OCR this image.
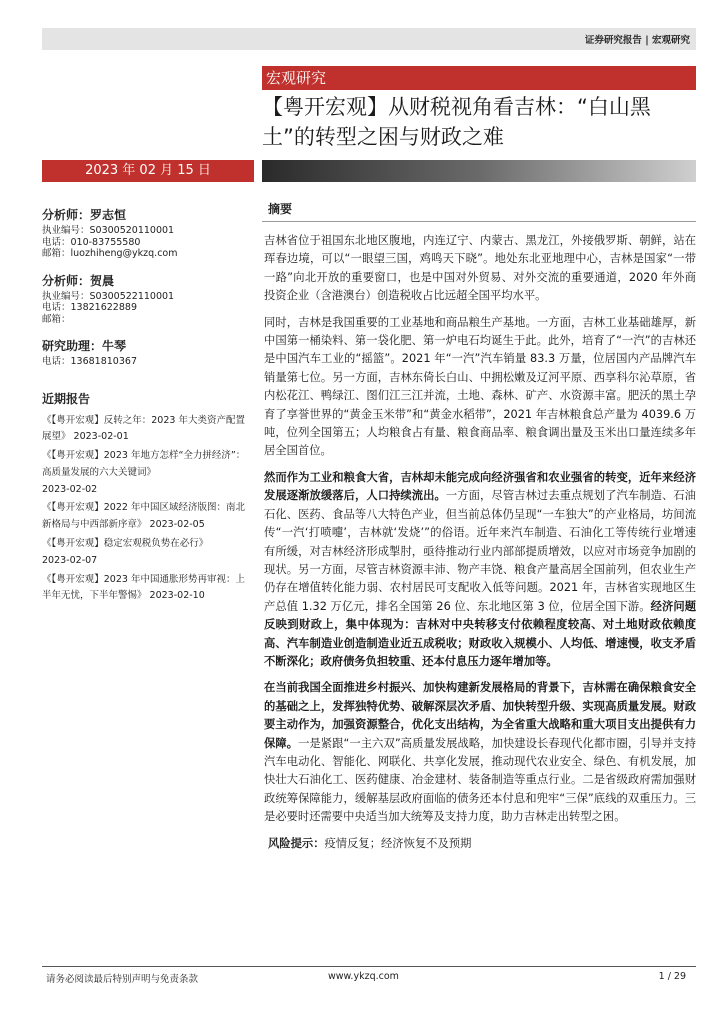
证券研究报告 | 宏观研究
宏观研究
【粤开宏观】从财税视角看吉林：“白山黑土”的转型之困与财政之难
2023 年 02 月 15 日
分析师：罗志恒
执业编号：S0300520110001
电话：010-83755580
邮箱：luozhiheng@ykzq.com
分析师：贺晨
执业编号：S0300522110001
电话：13821622889
邮箱：
研究助理：牛琴
电话：13681810367
近期报告
《【粤开宏观】反转之年：2023 年大类资产配置展望》 2023-02-01
《【粤开宏观】2023 年地方怎样“全力拼经济”：高质量发展的六大关键词》
2023-02-02
《【粤开宏观】2022 年中国区域经济版图：南北新格局与中西部新序章》 2023-02-05
《【粤开宏观】稳定宏观税负势在必行》
2023-02-07
《【粤开宏观】2023 年中国通胀形势再审视：上半年无忧，下半年警惕》 2023-02-10
摘要

吉林省位于祖国东北地区腹地，内连辽宁、内蒙古、黑龙江，外接俄罗斯、朝鲜，站在珲春边境，可以“一眼望三国，鸡鸣天下晓”。地处东北亚地理中心，吉林是国家“一带一路”向北开放的重要窗口，也是中国对外贸易、对外交流的重要通道，2020 年外商投资企业（含港澳台）创造税收占比远超全国平均水平。

同时，吉林是我国重要的工业基地和商品粮生产基地。一方面，吉林工业基础雄厚，新中国第一桶染料、第一袋化肥、第一炉电石均诞生于此。此外，培育了“一汽”的吉林还是中国汽车工业的“摇篮”。2021 年“一汽”汽车销量 83.3 万量，位居国内产品牌汽车销量第七位。另一方面，吉林东倚长白山、中拥松嫩及辽河平原、西享科尔沁草原，省内松花江、鸭绿江、图们江三江并流，土地、森林、矿产、水资源丰富。肥沃的黑土孕育了享誉世界的“黄金玉米带”和“黄金水稻带”，2021 年吉林粮食总产量为 4039.6 万吨，位列全国第五；人均粮食占有量、粮食商品率、粮食调出量及玉米出口量连续多年居全国首位。

然而作为工业和粮食大省，吉林却未能完成向经济强省和农业强省的转变，近年来经济发展逐渐放缓落后，人口持续流出。一方面，尽管吉林过去重点规划了汽车制造、石油石化、医药、食品等八大特色产业，但当前总体仍呈现“一车独大”的产业格局，坊间流传“一汽‘打喷嚏’，吉林就‘发烧’”的俗语。近年来汽车制造、石油化工等传统行业增速有所缓，对吉林经济形成掣肘，亟待推动行业内部部提质增效，以应对市场竞争加剧的现状。另一方面，尽管吉林资源丰沛、物产丰饶、粮食产量高居全国前列，但农业生产仍存在增值转化能力弱、农村居民可支配收入低等问题。2021 年，吉林省实现地区生产总值 1.32 万亿元，排名全国第 26 位、东北地区第 3 位，位居全国下游。经济问题反映到财政上，集中体现为：吉林对中央转移支付依赖程度较高、对土地财政依赖度高、汽车制造业创造制造业近五成税收；财政收入规模小、人均低、增速慢，收支矛盾不断深化；政府债务负担较重、还本付息压力逐年增加等。

在当前我国全面推进乡村振兴、加快构建新发展格局的背景下，吉林需在确保粮食安全的基础之上，发挥独特优势、破解深层次矛盾、加快转型升级、实现高质量发展。财政要主动作为，加强资源整合，优化支出结构，为全省重大战略和重大项目支出提供有力保障。一是紧跟“一主六双”高质量发展战略，加快建设长春现代化都市圈，引导并支持汽车电动化、智能化、网联化、共享化发展，推动现代农业安全、绿色、有机发展，加快壮大石油化工、医药健康、冶金建材、装备制造等重点行业。二是省级政府需加强财政统筹保障能力，缓解基层政府面临的债务还本付息和兜牢“三保”底线的双重压力。三是必要时还需要中央适当加大统筹及支持力度，助力吉林走出转型之困。

风险提示：疫情反复；经济恢复不及预期
请务必阅读最后特别声明与免责条款	www.ykzq.com	1 / 29
